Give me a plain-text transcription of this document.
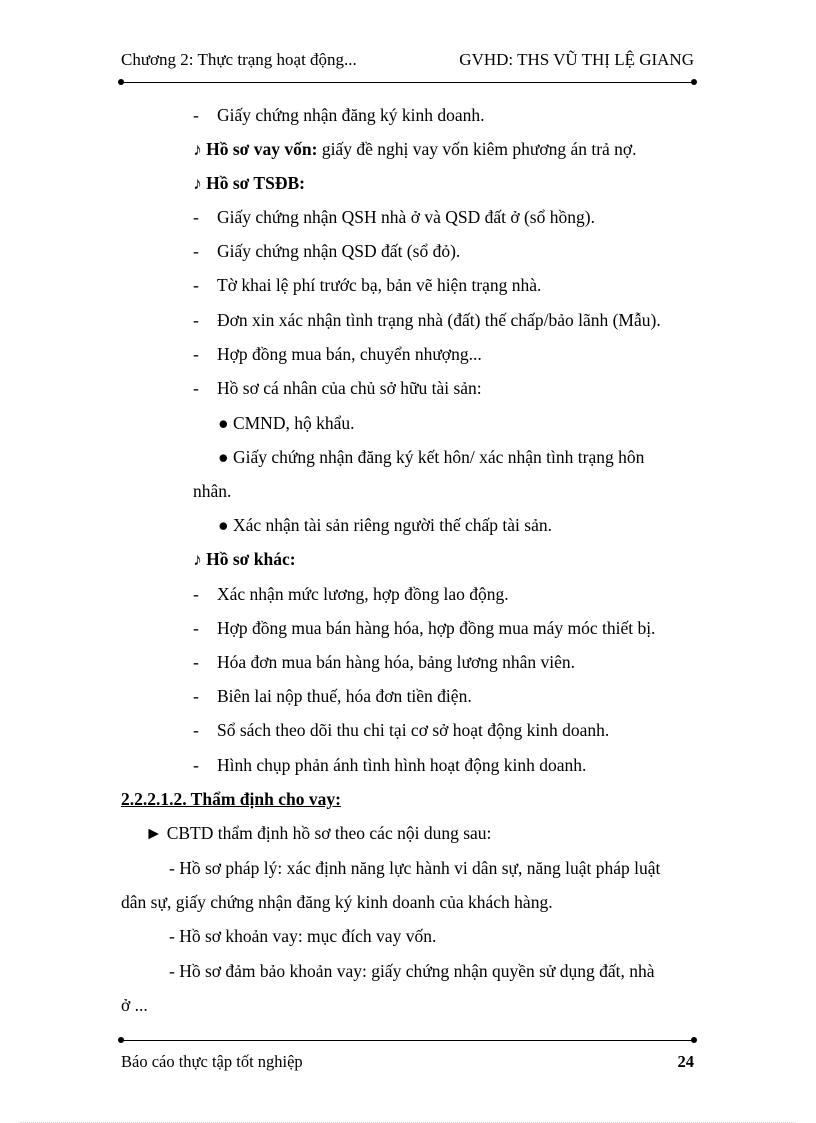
Chương 2: Thực trạng hoạt động...	GVHD: THS VŨ THỊ LỆ GIANG
- Giấy chứng nhận đăng ký kinh doanh.
♪ Hồ sơ vay vốn: giấy đề nghị vay vốn kiêm phương án trả nợ.
♪ Hồ sơ TSĐB:
- Giấy chứng nhận QSH nhà ở và QSD đất ở (sổ hồng).
- Giấy chứng nhận QSD đất (sổ đỏ).
- Tờ khai lệ phí trước bạ, bản vẽ hiện trạng nhà.
- Đơn xin xác nhận tình trạng nhà (đất) thế chấp/bảo lãnh (Mẫu).
- Hợp đồng mua bán, chuyển nhượng...
- Hồ sơ cá nhân của chủ sở hữu tài sản:
● CMND, hộ khẩu.
● Giấy chứng nhận đăng ký kết hôn/ xác nhận tình trạng hôn
nhân.
● Xác nhận tài sản riêng người thế chấp tài sản.
♪ Hồ sơ khác:
- Xác nhận mức lương, hợp đồng lao động.
- Hợp đồng mua bán hàng hóa, hợp đồng mua máy móc thiết bị.
- Hóa đơn mua bán hàng hóa, bảng lương nhân viên.
- Biên lai nộp thuế, hóa đơn tiền điện.
- Sổ sách theo dõi thu chi tại cơ sở hoạt động kinh doanh.
- Hình chụp phản ánh tình hình hoạt động kinh doanh.
2.2.2.1.2. Thẩm định cho vay:
► CBTD thẩm định hồ sơ theo các nội dung sau:
- Hồ sơ pháp lý: xác định năng lực hành vi dân sự, năng luật pháp luật
dân sự, giấy chứng nhận đăng ký kinh doanh của khách hàng.
- Hồ sơ khoản vay: mục đích vay vốn.
- Hồ sơ đảm bảo khoản vay: giấy chứng nhận quyền sử dụng đất, nhà
ở ...
Báo cáo thực tập tốt nghiệp	24
